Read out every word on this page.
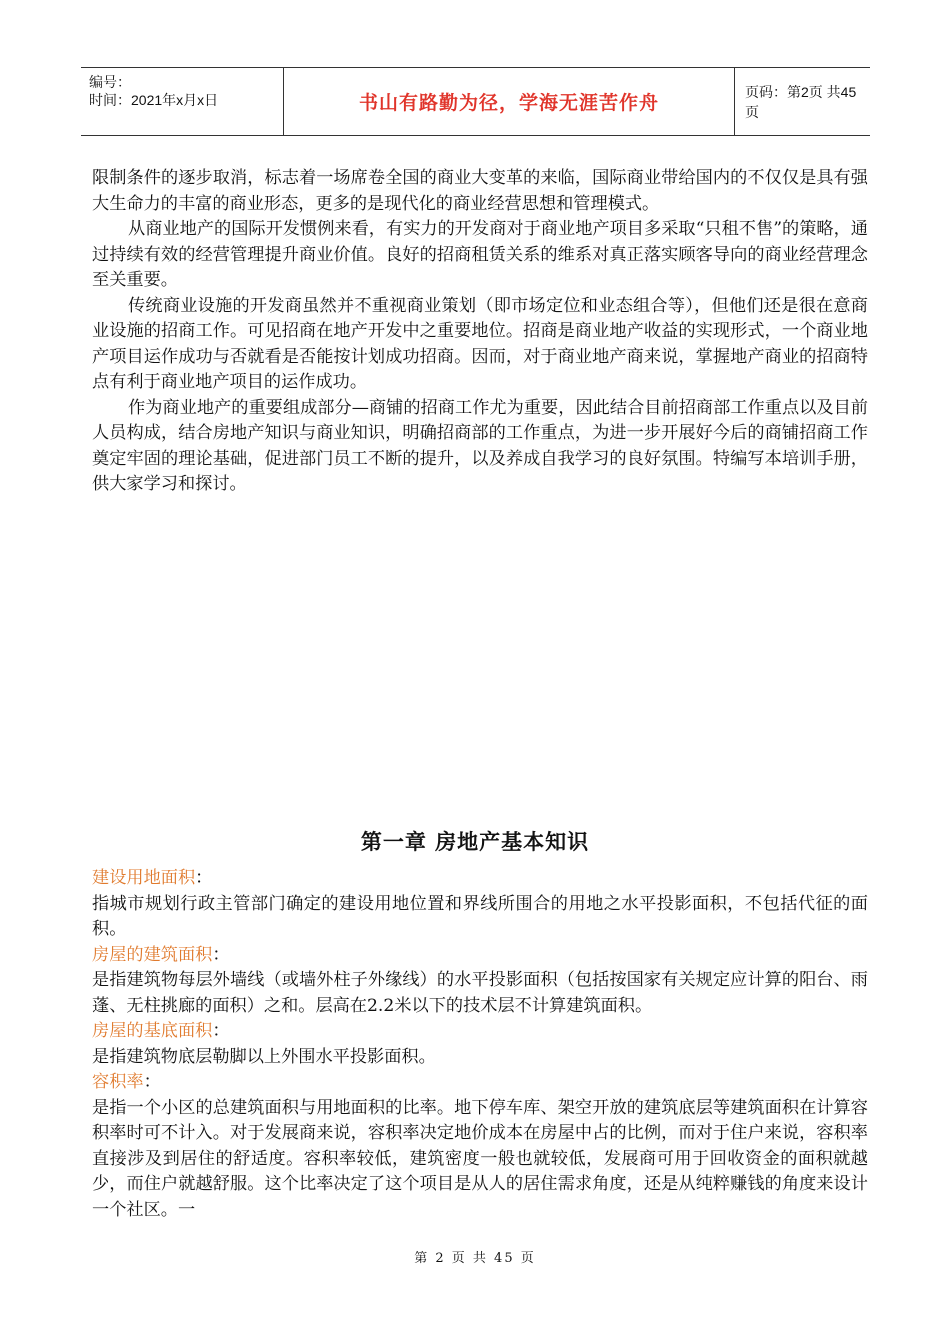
编号：
时间：2021年x月x日	书山有路勤为径，学海无涯苦作舟
页码：第2页 共45页

限制条件的逐步取消，标志着一场席卷全国的商业大变革的来临，国际商业带给国内的不仅仅是具有强大生命力的丰富的商业形态，更多的是现代化的商业经营思想和管理模式。

从商业地产的国际开发惯例来看，有实力的开发商对于商业地产项目多采取“只租不售”的策略，通过持续有效的经营管理提升商业价值。良好的招商租赁关系的维系对真正落实顾客导向的商业经营理念至关重要。

传统商业设施的开发商虽然并不重视商业策划（即市场定位和业态组合等），但他们还是很在意商业设施的招商工作。可见招商在地产开发中之重要地位。招商是商业地产收益的实现形式，一个商业地产项目运作成功与否就看是否能按计划成功招商。因而，对于商业地产商来说，掌握地产商业的招商特点有利于商业地产项目的运作成功。

作为商业地产的重要组成部分—商铺的招商工作尤为重要，因此结合目前招商部工作重点以及目前人员构成，结合房地产知识与商业知识，明确招商部的工作重点，为进一步开展好今后的商铺招商工作奠定牢固的理论基础，促进部门员工不断的提升，以及养成自我学习的良好氛围。特编写本培训手册，供大家学习和探讨。

第一章 房地产基本知识

建设用地面积：

指城市规划行政主管部门确定的建设用地位置和界线所围合的用地之水平投影面积，不包括代征的面积。

房屋的建筑面积：

是指建筑物每层外墙线（或墙外柱子外缘线）的水平投影面积（包括按国家有关规定应计算的阳台、雨蓬、无柱挑廊的面积）之和。层高在2.2米以下的技术层不计算建筑面积。

房屋的基底面积：

是指建筑物底层勒脚以上外围水平投影面积。

容积率：

是指一个小区的总建筑面积与用地面积的比率。地下停车库、架空开放的建筑底层等建筑面积在计算容积率时可不计入。对于发展商来说，容积率决定地价成本在房屋中占的比例，而对于住户来说，容积率直接涉及到居住的舒适度。容积率较低，建筑密度一般也就较低，发展商可用于回收资金的面积就越少，而住户就越舒服。这个比率决定了这个项目是从人的居住需求角度，还是从纯粹赚钱的角度来设计一个社区。一

第 2 页 共 45 页
